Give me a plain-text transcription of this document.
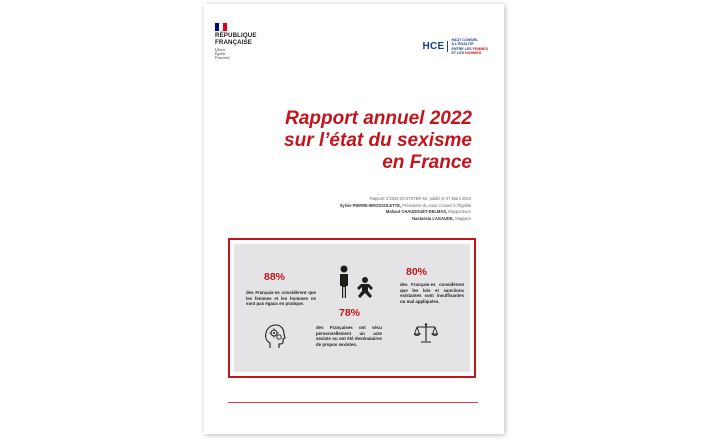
RÉPUBLIQUE
FRANÇAISE
Liberté
Égalité
Fraternité
HCE
HAUT CONSEIL
À L'ÉGALITÉ
ENTRE LES FEMMES
ET LES HOMMES
Rapport annuel 2022
sur l’état du sexisme
en France
Rapport n°2022-03-07STER-53, publié le 07 Mars 2022
Sylvie PIERRE-BROSSOLETTE, Présidente du Haut Conseil à l’Égalité
Mahaut CHAUDOUËT-DELMAS, Rapporteure
Nastassia LAGAUDE, Stagiaire
88%
des Français·es considèrent que les femmes et les hommes ne sont pas égaux en pratique.
78%
des Françaises ont vécu personnellement un acte sexiste ou ont été destinataires de propos sexistes.
80%
des Français·es considèrent que les lois et sanctions existantes sont insuffisantes ou mal appliquées.
